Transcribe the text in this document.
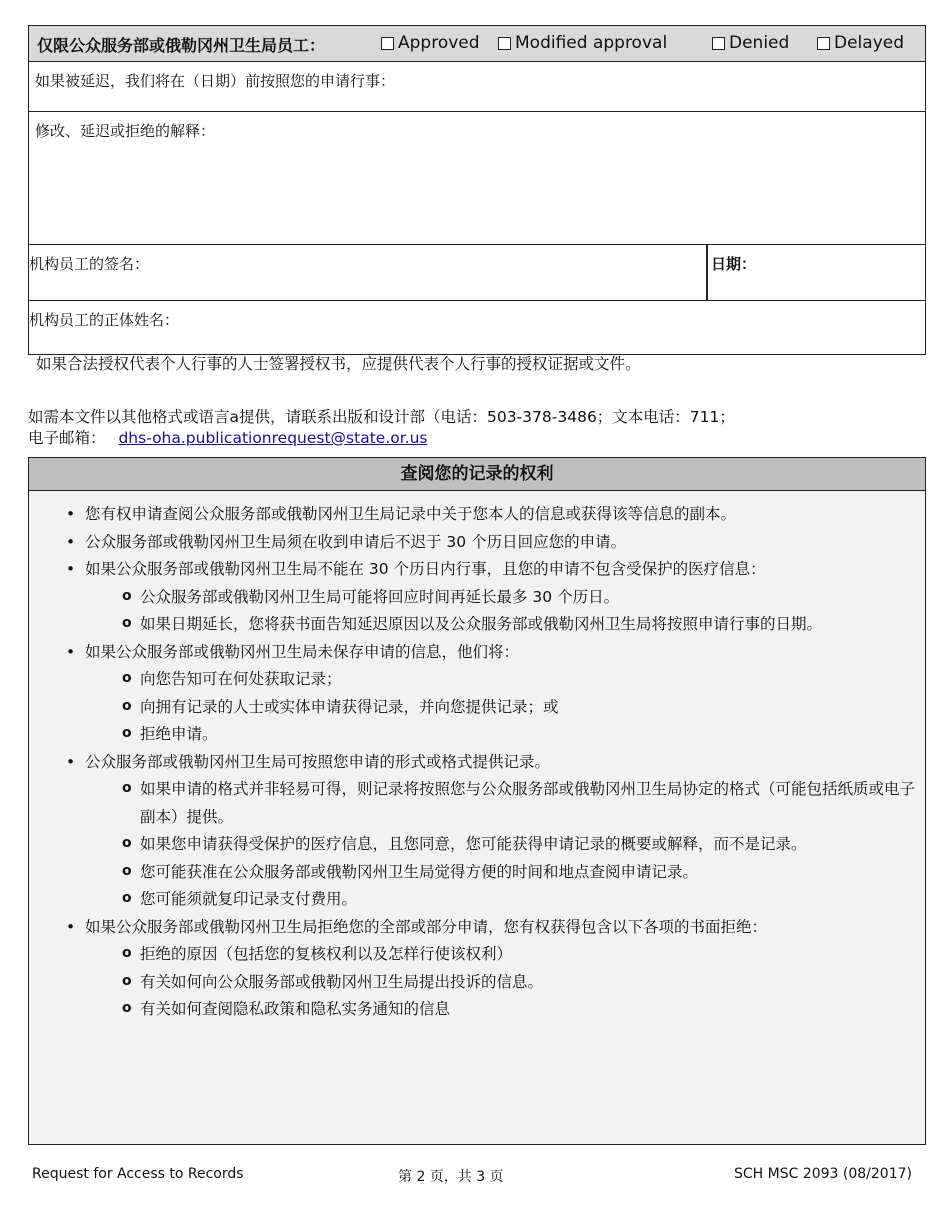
仅限公众服务部或俄勒冈州卫生局员工：	Approved Modified approval	Denied	Delayed
如果被延迟，我们将在（日期）前按照您的申请行事：
修改、延迟或拒绝的解释：
机构员工的签名：	日期：
机构员工的正体姓名：
如果合法授权代表个人行事的人士签署授权书，应提供代表个人行事的授权证据或文件。
如需本文件以其他格式或语言a提供，请联系出版和设计部（电话：503-378-3486；文本电话：711；
电子邮箱： dhs-oha.publicationrequest@state.or.us
查阅您的记录的权利
• 您有权申请查阅公众服务部或俄勒冈州卫生局记录中关于您本人的信息或获得该等信息的副本。
• 公众服务部或俄勒冈州卫生局须在收到申请后不迟于 30 个历日回应您的申请。
• 如果公众服务部或俄勒冈州卫生局不能在 30 个历日内行事，且您的申请不包含受保护的医疗信息：
o 公众服务部或俄勒冈州卫生局可能将回应时间再延长最多 30 个历日。
o 如果日期延长，您将获书面告知延迟原因以及公众服务部或俄勒冈州卫生局将按照申请行事的日期。
• 如果公众服务部或俄勒冈州卫生局未保存申请的信息，他们将：
o 向您告知可在何处获取记录；
o 向拥有记录的人士或实体申请获得记录，并向您提供记录；或
o 拒绝申请。
• 公众服务部或俄勒冈州卫生局可按照您申请的形式或格式提供记录。
o 如果申请的格式并非轻易可得，则记录将按照您与公众服务部或俄勒冈州卫生局协定的格式（可能包括纸质或电子副本）提供。
o 如果您申请获得受保护的医疗信息，且您同意，您可能获得申请记录的概要或解释，而不是记录。
o 您可能获准在公众服务部或俄勒冈州卫生局觉得方便的时间和地点查阅申请记录。
o 您可能须就复印记录支付费用。
• 如果公众服务部或俄勒冈州卫生局拒绝您的全部或部分申请，您有权获得包含以下各项的书面拒绝：
o 拒绝的原因（包括您的复核权利以及怎样行使该权利）
o 有关如何向公众服务部或俄勒冈州卫生局提出投诉的信息。
o 有关如何查阅隐私政策和隐私实务通知的信息
Request for Access to Records	第 2 页，共 3 页	SCH MSC 2093 (08/2017)
